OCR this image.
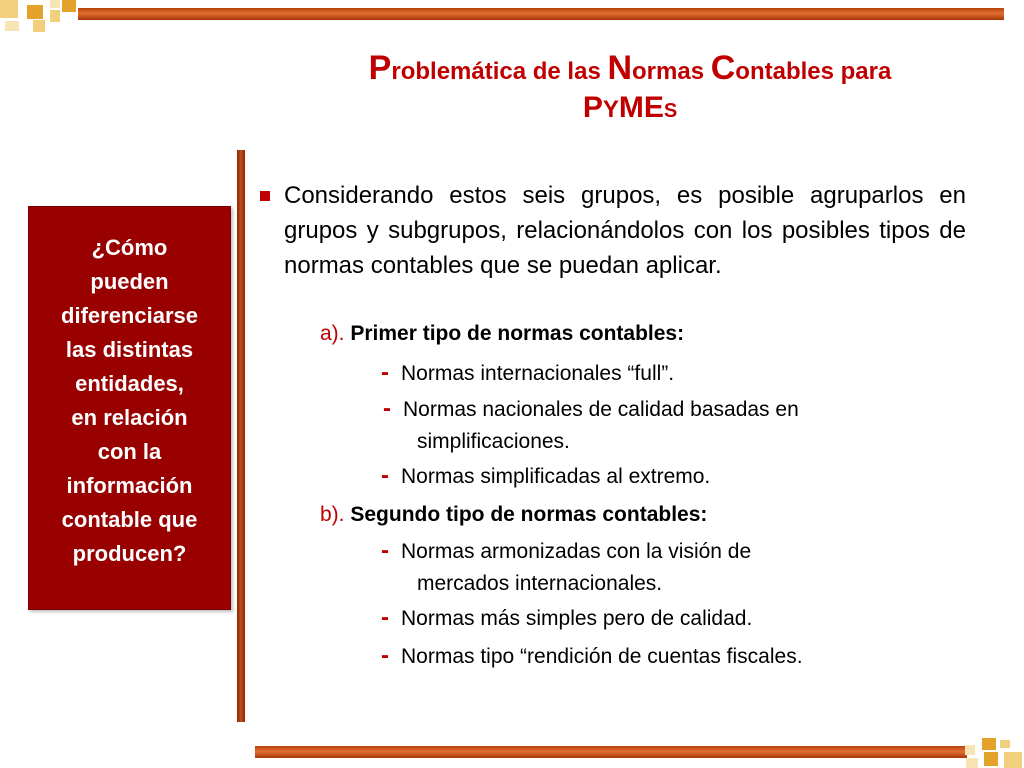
Problemática de las Normas Contables para
PYMES
¿Cómo
pueden
diferenciarse
las distintas
entidades,
en relación
con la
información
contable que
producen?
Considerando estos seis grupos, es posible agruparlos en grupos y subgrupos, relacionándolos con los posibles tipos de normas contables que se puedan aplicar.
a). Primer tipo de normas contables:
- Normas internacionales “full”.
- Normas nacionales de calidad basadas en
simplificaciones.
- Normas simplificadas al extremo.
b). Segundo tipo de normas contables:
- Normas armonizadas con la visión de
mercados internacionales.
- Normas más simples pero de calidad.
- Normas tipo “rendición de cuentas fiscales.
